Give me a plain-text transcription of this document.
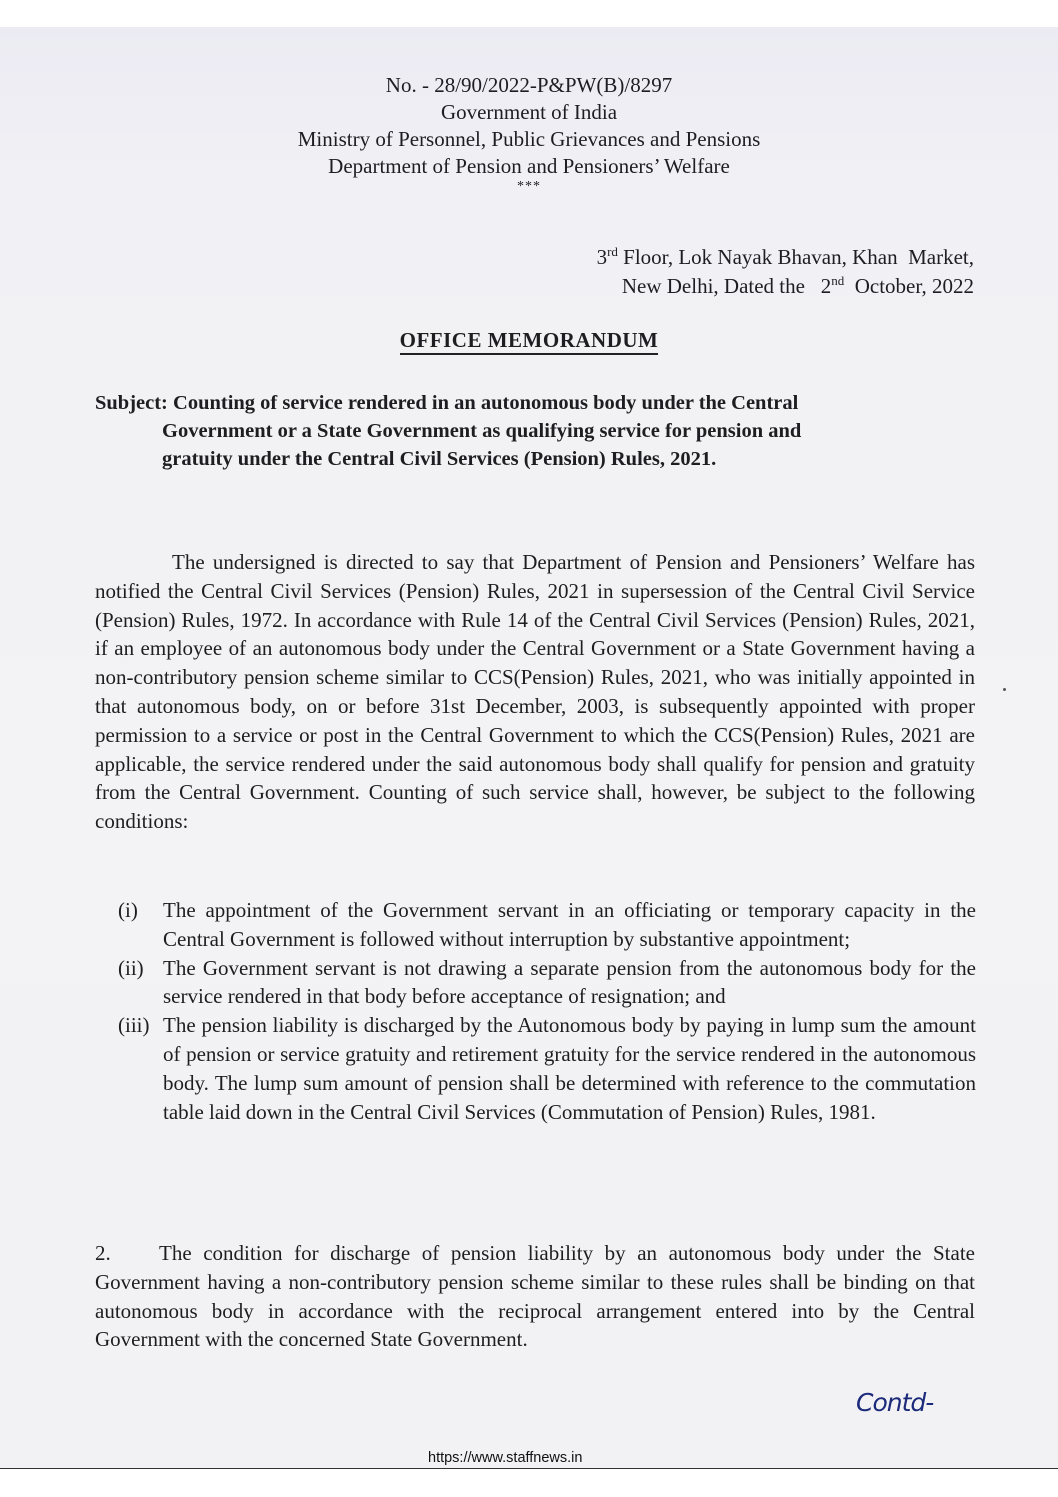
No. - 28/90/2022-P&PW(B)/8297
Government of India
Ministry of Personnel, Public Grievances and Pensions
Department of Pension and Pensioners’ Welfare
***
3rd Floor, Lok Nayak Bhavan, Khan  Market,
New Delhi, Dated the   2nd  October, 2022
OFFICE MEMORANDUM
Subject: Counting of service rendered in an autonomous body under the Central
Government or a State Government as qualifying service for pension and
gratuity under the Central Civil Services (Pension) Rules, 2021.
The undersigned is directed to say that Department of Pension and Pensioners’ Welfare has notified the Central Civil Services (Pension) Rules, 2021 in supersession of the Central Civil Service (Pension) Rules, 1972. In accordance with Rule 14 of the Central Civil Services (Pension) Rules, 2021, if an employee of an autonomous body under the Central Government or a State Government having a non-contributory pension scheme similar to CCS(Pension) Rules, 2021, who was initially appointed in that autonomous body, on or before 31st December, 2003, is subsequently appointed with proper permission to a service or post in the Central Government to which the CCS(Pension) Rules, 2021 are applicable, the service rendered under the said autonomous body shall qualify for pension and gratuity from the Central Government. Counting of such service shall, however, be subject to the following conditions:
(i)	The appointment of the Government servant in an officiating or temporary capacity in the Central Government is followed without interruption by substantive appointment;
(ii) The Government servant is not drawing a separate pension from the autonomous body for the service rendered in that body before acceptance of resignation; and
(iii) The pension liability is discharged by the Autonomous body by paying in lump sum the amount of pension or service gratuity and retirement gratuity for the service rendered in the autonomous body. The lump sum amount of pension shall be determined with reference to the commutation table laid down in the Central Civil Services (Commutation of Pension) Rules, 1981.
2. The condition for discharge of pension liability by an autonomous body under the State Government having a non-contributory pension scheme similar to these rules shall be binding on that autonomous body in accordance with the reciprocal arrangement entered into by the Central Government with the concerned State Government.
Contd-
https://www.staffnews.in
